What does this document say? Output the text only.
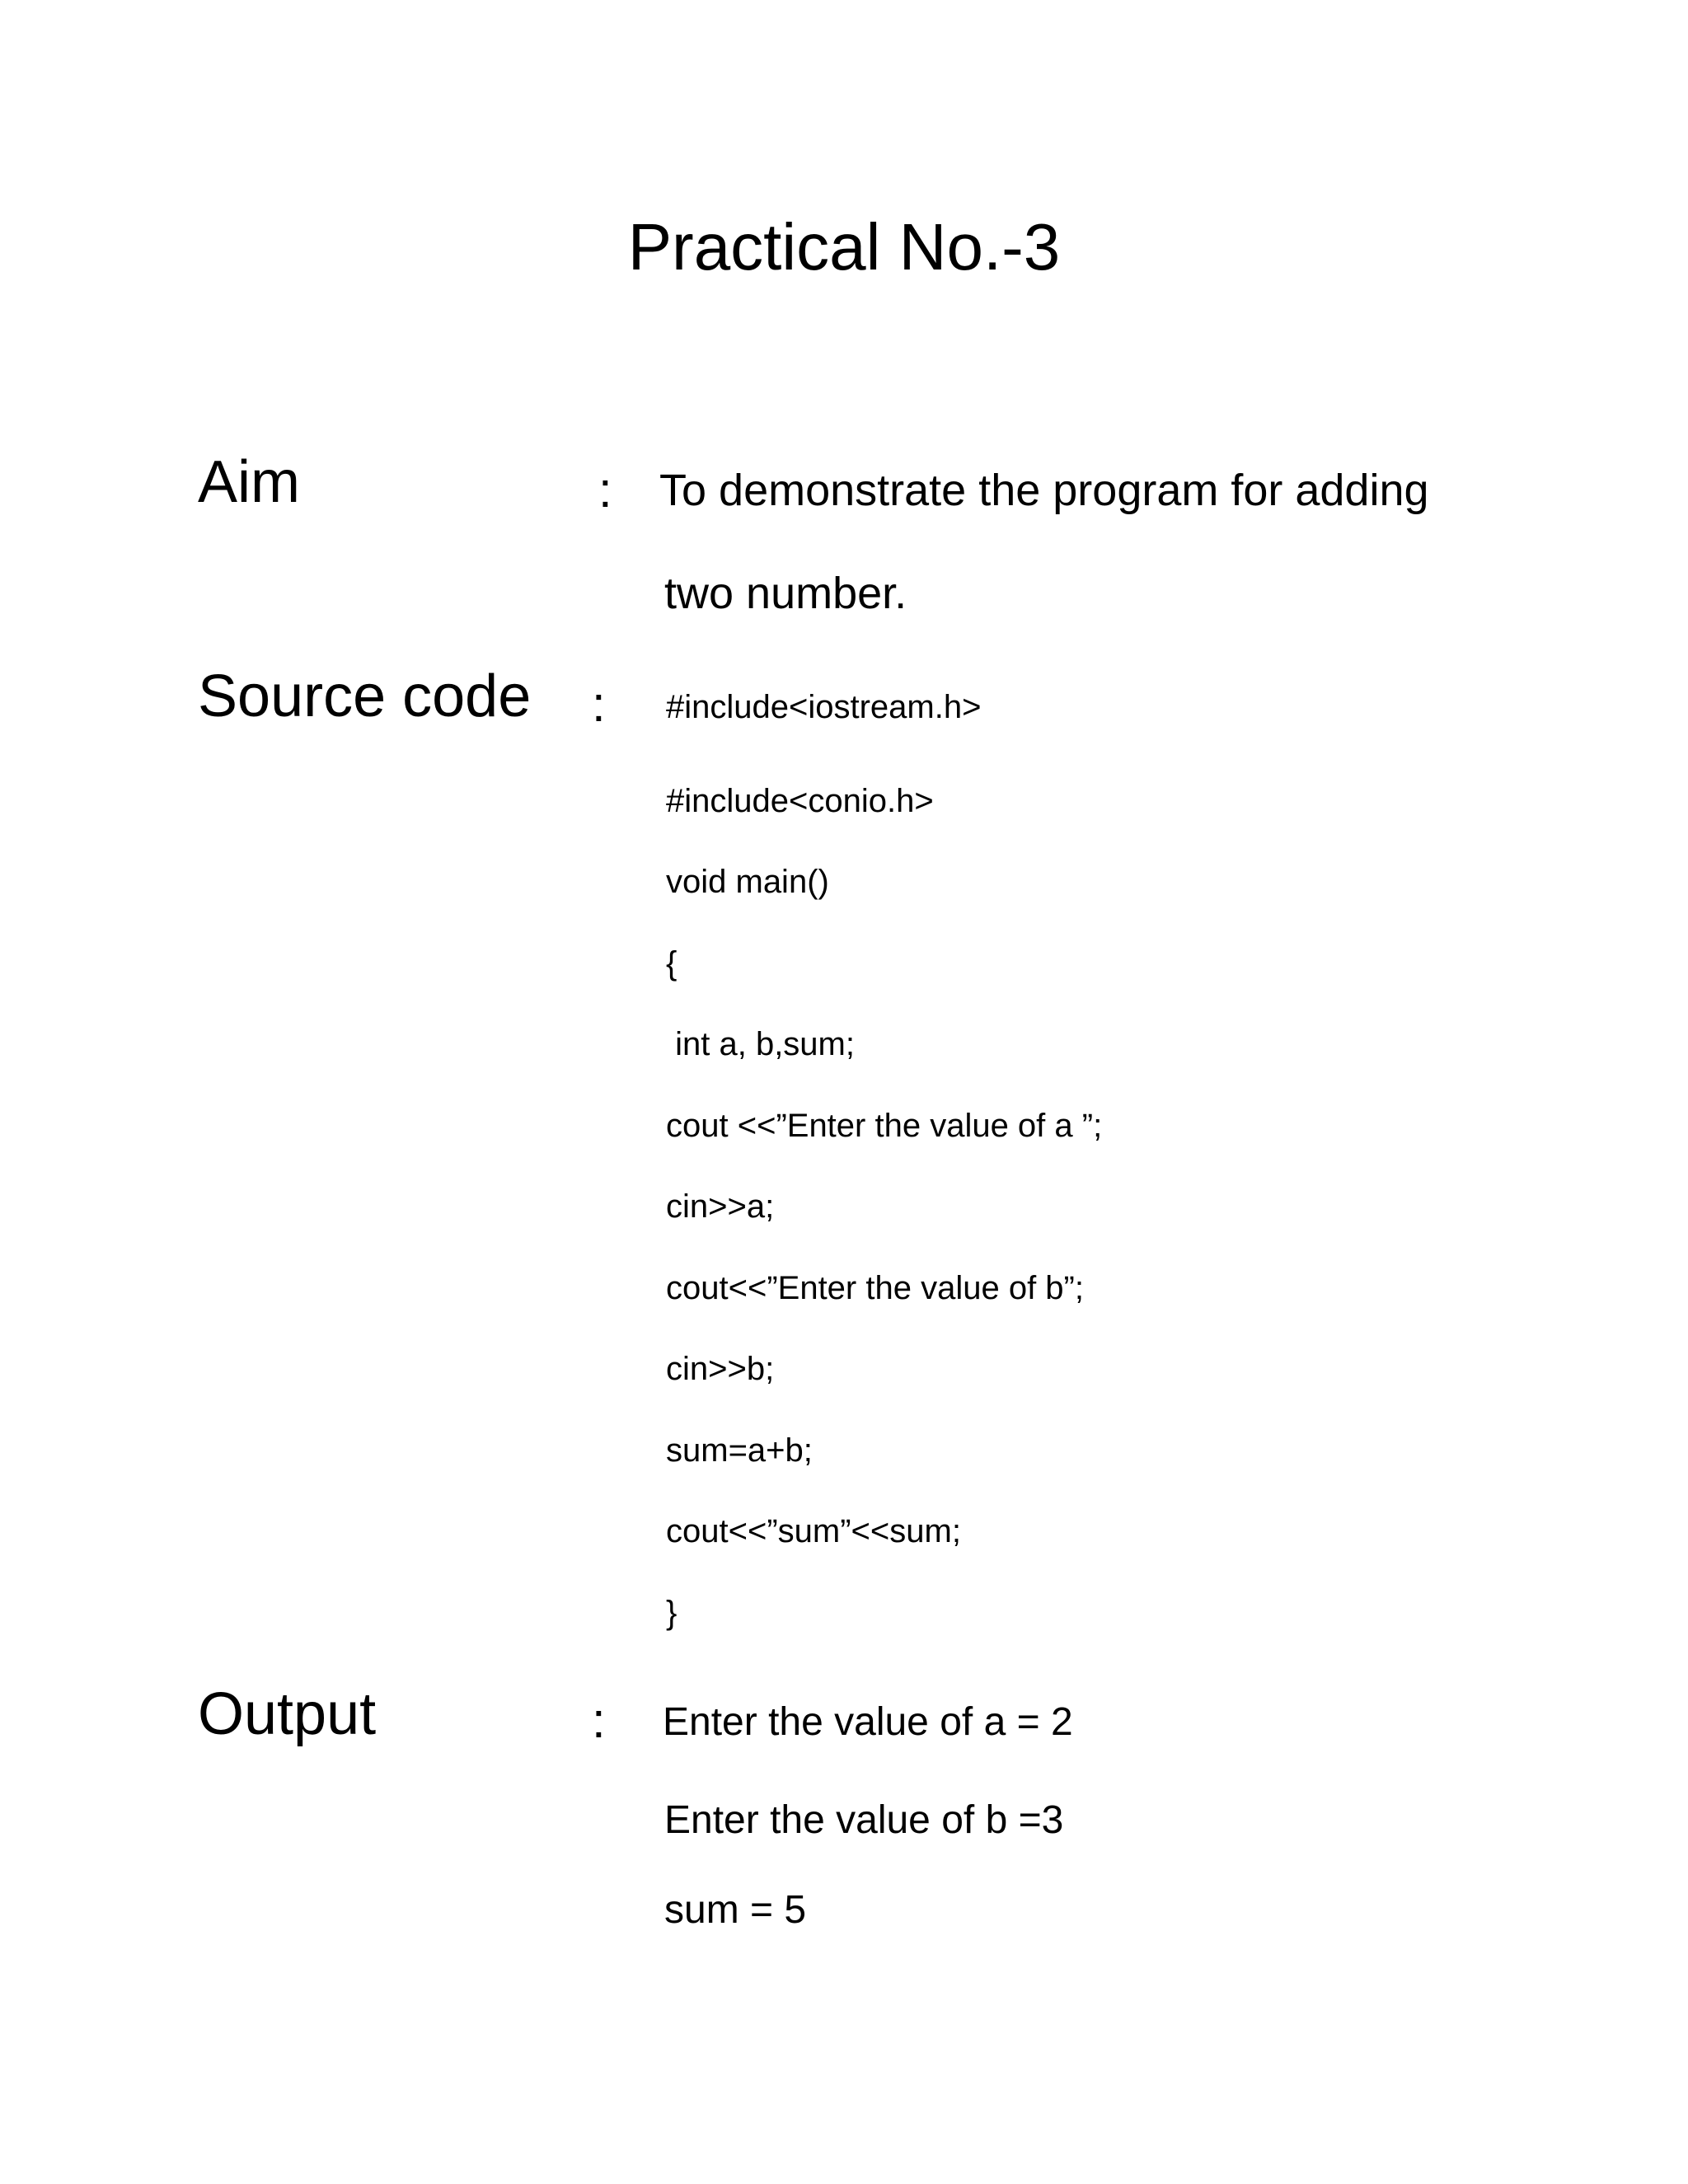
Practical No.-3
Aim	: To demonstrate the program for adding
two number.
Source code : #include<iostream.h>
#include<conio.h>
void main()
{
int a, b,sum;
cout <<”Enter the value of a ”;
cin>>a;
cout<<”Enter the value of b”;
cin>>b;
sum=a+b;
cout<<”sum”<<sum;
}
Output	: Enter the value of a = 2
Enter the value of b =3
sum = 5
